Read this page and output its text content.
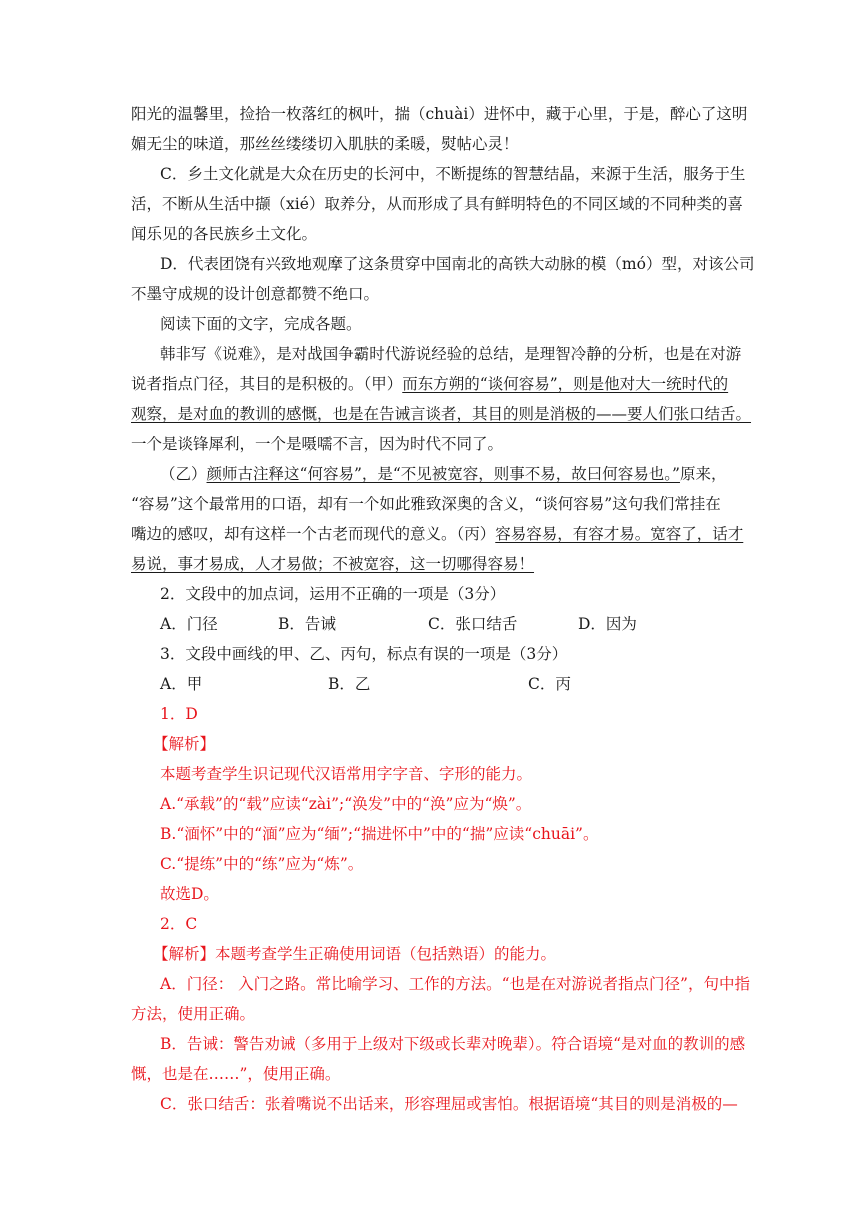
阳光的温馨里，捡拾一枚落红的枫叶，揣（chuài）进怀中，藏于心里，于是，醉心了这明
媚无尘的味道，那丝丝缕缕切入肌肤的柔暖，熨帖心灵！
C．乡土文化就是大众在历史的长河中，不断提练的智慧结晶，来源于生活，服务于生
活，不断从生活中撷（xié）取养分，从而形成了具有鲜明特色的不同区域的不同种类的喜
闻乐见的各民族乡土文化。
D．代表团饶有兴致地观摩了这条贯穿中国南北的高铁大动脉的模（mó）型，对该公司
不墨守成规的设计创意都赞不绝口。
阅读下面的文字，完成各题。
韩非写《说难》，是对战国争霸时代游说经验的总结，是理智冷静的分析，也是在对游
说者指点门径，其目的是积极的。（甲）而东方朔的“谈何容易”，则是他对大一统时代的
观察，是对血的教训的感慨，也是在告诫言谈者，其目的则是消极的——要人们张口结舌。
一个是谈锋犀利，一个是嗫嚅不言，因为时代不同了。
（乙）颜师古注释这“何容易”，是“不见被宽容，则事不易，故曰何容易也。”原来，
“容易”这个最常用的口语，却有一个如此雅致深奥的含义，“谈何容易”这句我们常挂在
嘴边的感叹，却有这样一个古老而现代的意义。（丙）容易容易，有容才易。宽容了，话才
易说，事才易成，人才易做；不被宽容，这一切哪得容易！
2．文段中的加点词，运用不正确的一项是（3分）
A．门径	B．告诫	C．张口结舌	D．因为
3．文段中画线的甲、乙、丙句，标点有误的一项是（3分）
A．甲	B．乙	C．丙
1．D
【解析】
本题考查学生识记现代汉语常用字字音、字形的能力。
A.“承载”的“载”应读“zài”;“涣发”中的“涣”应为“焕”。
B.“湎怀”中的“湎”应为“缅”;“揣进怀中”中的“揣”应读“chuāi”。
C.“提练”中的“练”应为“炼”。
故选D。
2．C
【解析】本题考查学生正确使用词语（包括熟语）的能力。
A．门径： 入门之路。常比喻学习、工作的方法。“也是在对游说者指点门径”，句中指
方法，使用正确。
B．告诫：警告劝诫（多用于上级对下级或长辈对晚辈）。符合语境“是对血的教训的感
慨，也是在……”，使用正确。
C．张口结舌：张着嘴说不出话来，形容理屈或害怕。根据语境“其目的则是消极的—
